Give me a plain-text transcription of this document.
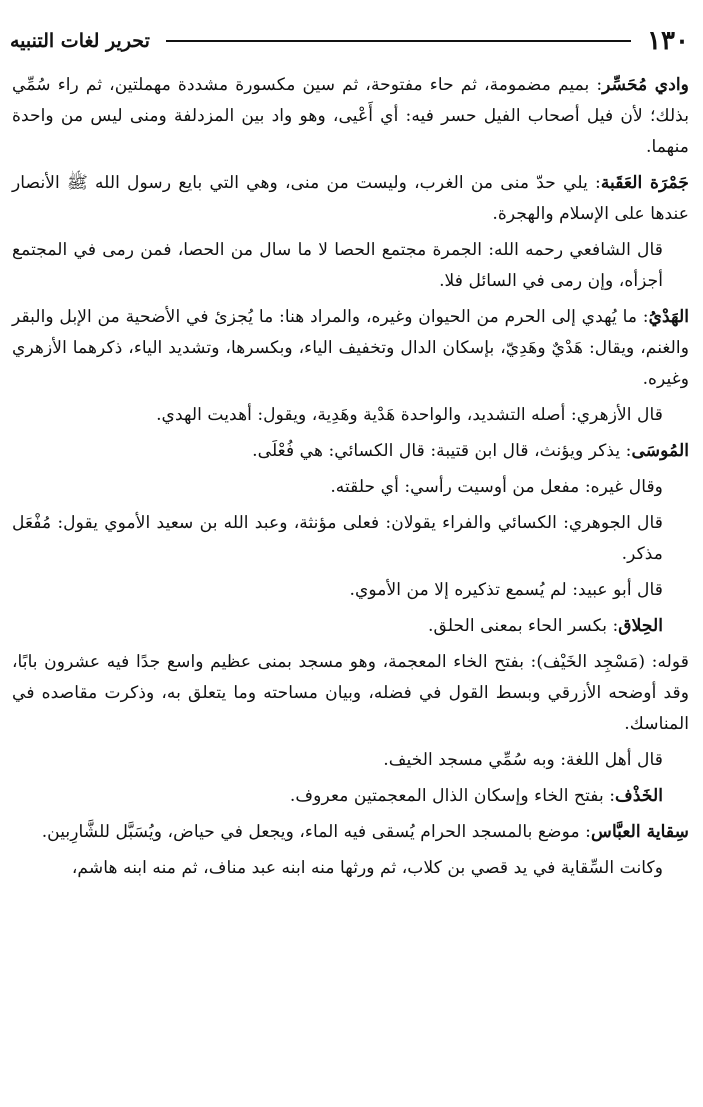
١٣٠
تحرير لغات التنبيه

وادي مُحَسِّر: بميم مضمومة، ثم حاء مفتوحة، ثم سين مكسورة مشددة مهملتين، ثم راء سُمِّي بذلك؛ لأن فيل أصحاب الفيل حسر فيه: أي أَعْيى، وهو واد بين المزدلفة ومنى ليس من واحدة منهما.

جَمْرَة العَقَبة: يلي حدّ منى من الغرب، وليست من منى، وهي التي بايع رسول الله ﷺ الأنصار عندها على الإسلام والهجرة.

قال الشافعي رحمه الله: الجمرة مجتمع الحصا لا ما سال من الحصا، فمن رمى في المجتمع أجزأه، وإن رمى في السائل فلا.

الهَدْيُ: ما يُهدي إلى الحرم من الحيوان وغيره، والمراد هنا: ما يُجزئ في الأضحية من الإبل والبقر والغنم، ويقال: هَدْيٌ وهَدِيّ، بإسكان الدال وتخفيف الياء، وبكسرها، وتشديد الياء، ذكرهما الأزهري وغيره.

قال الأزهري: أصله التشديد، والواحدة هَدْية وهَدِية، ويقول: أهديت الهدي.

المُوسَى: يذكر ويؤنث، قال ابن قتيبة: قال الكسائي: هي فُعْلَى.

وقال غيره: مفعل من أوسيت رأسي: أي حلقته.

قال الجوهري: الكسائي والفراء يقولان: فعلى مؤنثة، وعبد الله بن سعيد الأموي يقول: مُفْعَل مذكر.

قال أبو عبيد: لم يُسمع تذكيره إلا من الأموي.

الحِلاق: بكسر الحاء بمعنى الحلق.

قوله: (مَسْجِد الخَيْف): بفتح الخاء المعجمة، وهو مسجد بمنى عظيم واسع جدًا فيه عشرون بابًا، وقد أوضحه الأزرقي وبسط القول في فضله، وبيان مساحته وما يتعلق به، وذكرت مقاصده في المناسك.

قال أهل اللغة: وبه سُمِّي مسجد الخيف.

الخَذْف: بفتح الخاء وإسكان الذال المعجمتين معروف.

سِقاية العبَّاس: موضع بالمسجد الحرام يُسقى فيه الماء، ويجعل في حياض، ويُسَبَّل للشَّارِبين.

وكانت السِّقاية في يد قصي بن كلاب، ثم ورثها منه ابنه عبد مناف، ثم منه ابنه هاشم،
